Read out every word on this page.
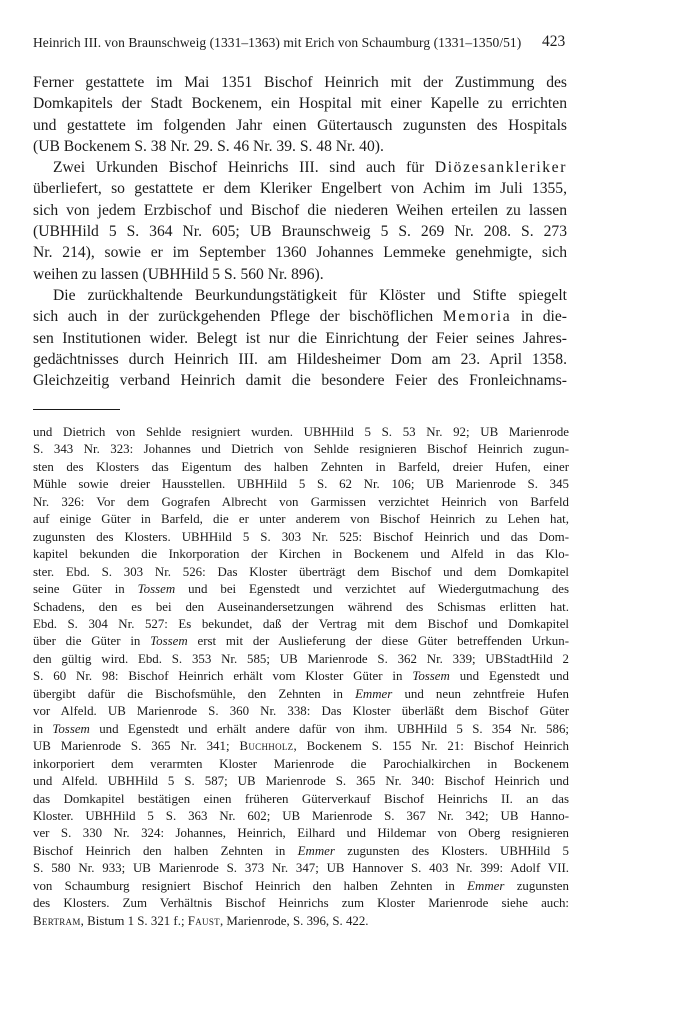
Heinrich III. von Braunschweig (1331–1363) mit Erich von Schaumburg (1331–1350/51)	423
Ferner gestattete im Mai 1351 Bischof Heinrich mit der Zustimmung des
Domkapitels der Stadt Bockenem, ein Hospital mit einer Kapelle zu errichten
und gestattete im folgenden Jahr einen Gütertausch zugunsten des Hospitals
(UB Bockenem S. 38 Nr. 29. S. 46 Nr. 39. S. 48 Nr. 40).
Zwei Urkunden Bischof Heinrichs III. sind auch für Diözesankleriker
überliefert, so gestattete er dem Kleriker Engelbert von Achim im Juli 1355,
sich von jedem Erzbischof und Bischof die niederen Weihen erteilen zu lassen
(UBHHild 5 S. 364 Nr. 605; UB Braunschweig 5 S. 269 Nr. 208. S. 273
Nr. 214), sowie er im September 1360 Johannes Lemmeke genehmigte, sich
weihen zu lassen (UBHHild 5 S. 560 Nr. 896).
Die zurückhaltende Beurkundungstätigkeit für Klöster und Stifte spiegelt
sich auch in der zurückgehenden Pflege der bischöflichen Memoria in die-
sen Institutionen wider. Belegt ist nur die Einrichtung der Feier seines Jahres-
gedächtnisses durch Heinrich III. am Hildesheimer Dom am 23. April 1358.
Gleichzeitig verband Heinrich damit die besondere Feier des Fronleichnams-
und Dietrich von Sehlde resigniert wurden. UBHHild 5 S. 53 Nr. 92; UB Marienrode
S. 343 Nr. 323: Johannes und Dietrich von Sehlde resignieren Bischof Heinrich zugun-
sten des Klosters das Eigentum des halben Zehnten in Barfeld, dreier Hufen, einer
Mühle sowie dreier Hausstellen. UBHHild 5 S. 62 Nr. 106; UB Marienrode S. 345
Nr. 326: Vor dem Gografen Albrecht von Garmissen verzichtet Heinrich von Barfeld
auf einige Güter in Barfeld, die er unter anderem von Bischof Heinrich zu Lehen hat,
zugunsten des Klosters. UBHHild 5 S. 303 Nr. 525: Bischof Heinrich und das Dom-
kapitel bekunden die Inkorporation der Kirchen in Bockenem und Alfeld in das Klo-
ster. Ebd. S. 303 Nr. 526: Das Kloster überträgt dem Bischof und dem Domkapitel
seine Güter in Tossem und bei Egenstedt und verzichtet auf Wiedergutmachung des
Schadens, den es bei den Auseinandersetzungen während des Schismas erlitten hat.
Ebd. S. 304 Nr. 527: Es bekundet, daß der Vertrag mit dem Bischof und Domkapitel
über die Güter in Tossem erst mit der Auslieferung der diese Güter betreffenden Urkun-
den gültig wird. Ebd. S. 353 Nr. 585; UB Marienrode S. 362 Nr. 339; UBStadtHild 2
S. 60 Nr. 98: Bischof Heinrich erhält vom Kloster Güter in Tossem und Egenstedt und
übergibt dafür die Bischofsmühle, den Zehnten in Emmer und neun zehntfreie Hufen
vor Alfeld. UB Marienrode S. 360 Nr. 338: Das Kloster überläßt dem Bischof Güter
in Tossem und Egenstedt und erhält andere dafür von ihm. UBHHild 5 S. 354 Nr. 586;
UB Marienrode S. 365 Nr. 341; Buchholz, Bockenem S. 155 Nr. 21: Bischof Heinrich
inkorporiert dem verarmten Kloster Marienrode die Parochialkirchen in Bockenem
und Alfeld. UBHHild 5 S. 587; UB Marienrode S. 365 Nr. 340: Bischof Heinrich und
das Domkapitel bestätigen einen früheren Güterverkauf Bischof Heinrichs II. an das
Kloster. UBHHild 5 S. 363 Nr. 602; UB Marienrode S. 367 Nr. 342; UB Hanno-
ver S. 330 Nr. 324: Johannes, Heinrich, Eilhard und Hildemar von Oberg resignieren
Bischof Heinrich den halben Zehnten in Emmer zugunsten des Klosters. UBHHild 5
S. 580 Nr. 933; UB Marienrode S. 373 Nr. 347; UB Hannover S. 403 Nr. 399: Adolf VII.
von Schaumburg resigniert Bischof Heinrich den halben Zehnten in Emmer zugunsten
des Klosters. Zum Verhältnis Bischof Heinrichs zum Kloster Marienrode siehe auch:
Bertram, Bistum 1 S. 321 f.; Faust, Marienrode, S. 396, S. 422.
